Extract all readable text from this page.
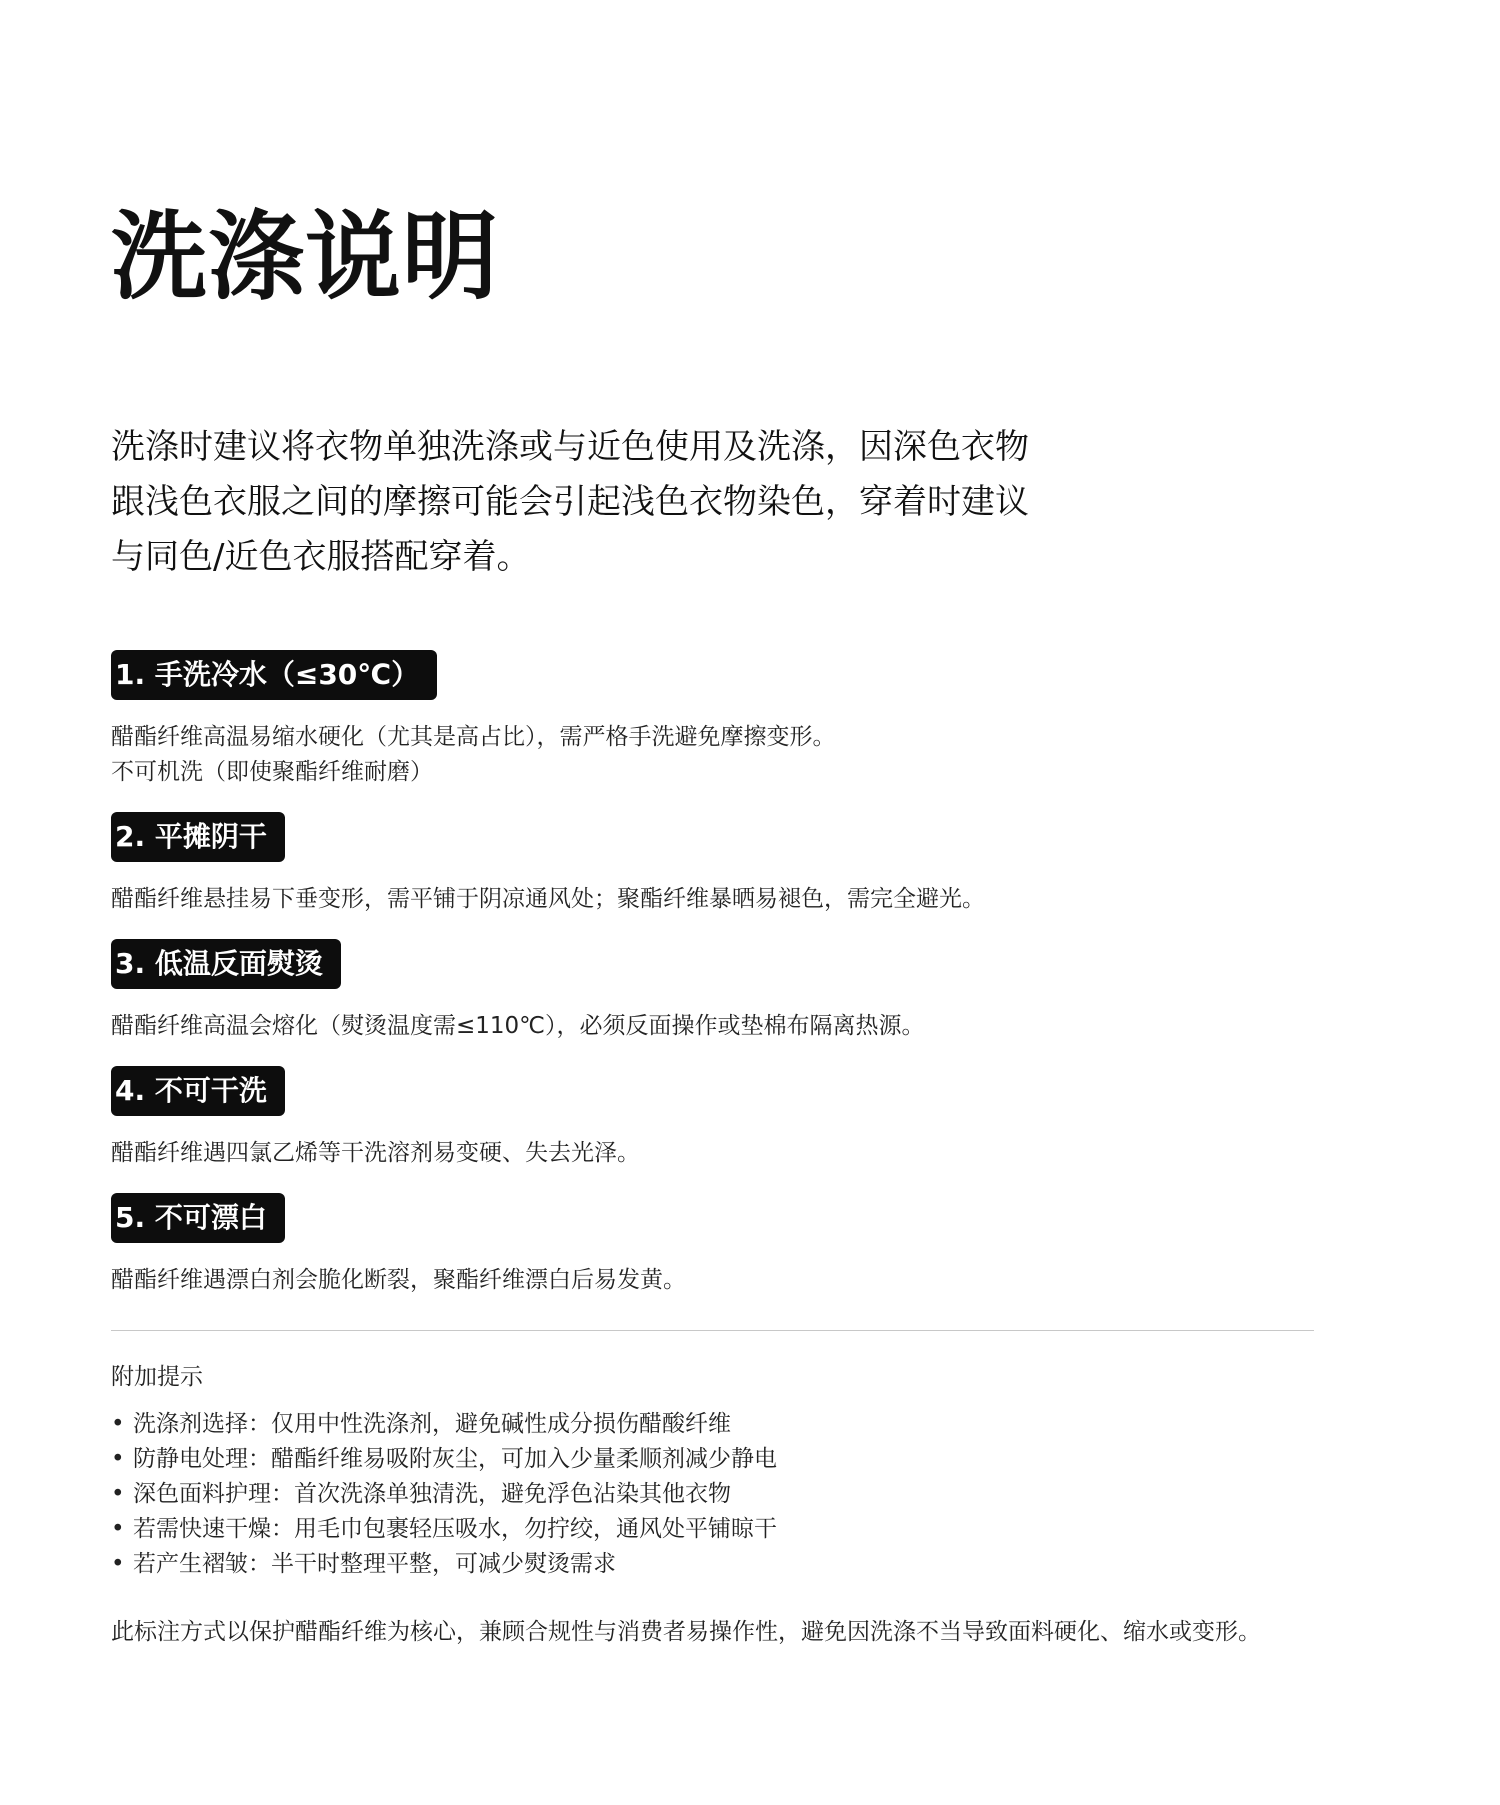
洗涤说明

洗涤时建议将衣物单独洗涤或与近色使用及洗涤，因深色衣物

跟浅色衣服之间的摩擦可能会引起浅色衣物染色，穿着时建议

与同色/近色衣服搭配穿着。

1. 手洗冷水（≤30℃）
醋酯纤维高温易缩水硬化（尤其是高占比），需严格手洗避免摩擦变形。
不可机洗（即使聚酯纤维耐磨）
2. 平摊阴干
醋酯纤维悬挂易下垂变形，需平铺于阴凉通风处；聚酯纤维暴晒易褪色，需完全避光。
3. 低温反面熨烫
醋酯纤维高温会熔化（熨烫温度需≤110℃），必须反面操作或垫棉布隔离热源。
4. 不可干洗
醋酯纤维遇四氯乙烯等干洗溶剂易变硬、失去光泽。
5. 不可漂白
醋酯纤维遇漂白剂会脆化断裂，聚酯纤维漂白后易发黄。
附加提示
• 洗涤剂选择：仅用中性洗涤剂，避免碱性成分损伤醋酸纤维
• 防静电处理：醋酯纤维易吸附灰尘，可加入少量柔顺剂减少静电
• 深色面料护理：首次洗涤单独清洗，避免浮色沾染其他衣物
• 若需快速干燥：用毛巾包裹轻压吸水，勿拧绞，通风处平铺晾干
• 若产生褶皱：半干时整理平整，可减少熨烫需求
此标注方式以保护醋酯纤维为核心，兼顾合规性与消费者易操作性，避免因洗涤不当导致面料硬化、缩水或变形。
